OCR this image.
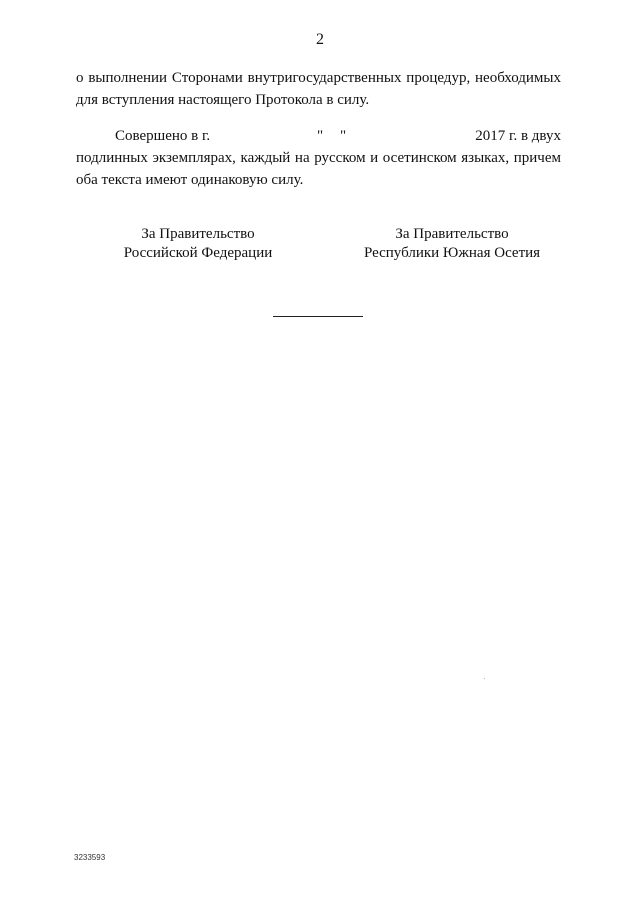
2

о выполнении Сторонами внутригосударственных процедур, необходимых
для вступления настоящего Протокола в силу.

Совершено в г.	" "	2017 г. в двух
подлинных экземплярах, каждый на русском и осетинском языках, причем
оба текста имеют одинаковую силу.
За Правительство
Российской Федерации
За Правительство
Республики Южная Осетия
3233593
